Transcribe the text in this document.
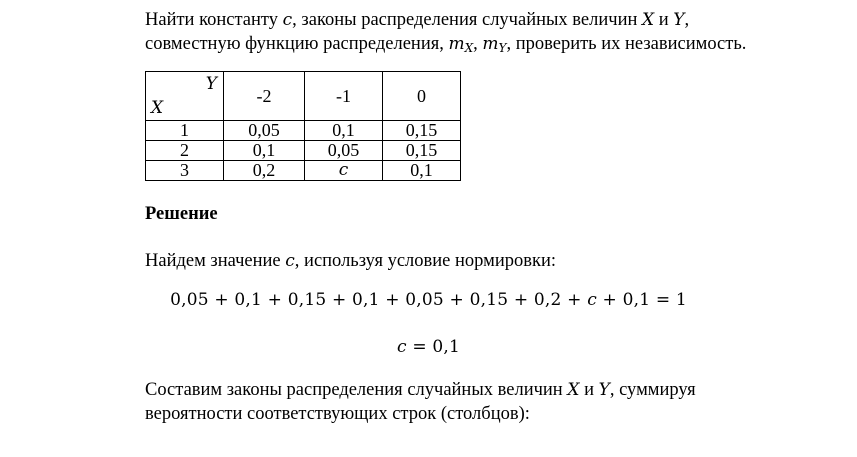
Найти константу c, законы распределения случайных величин X и Y,
совместную функцию распределения, $m_X$, $m_Y$, проверить их независимость.
Y
X	-2	-1	0
1	0,05	0,1	0,15
2	0,1	0,05	0,15
3	0,2	c	0,1
Решение
Найдем значение c, используя условие нормировки:
0,05 + 0,1 + 0,15 + 0,1 + 0,05 + 0,15 + 0,2 + c + 0,1 = 1
c = 0,1
Составим законы распределения случайных величин X и Y, суммируя
вероятности соответствующих строк (столбцов):
